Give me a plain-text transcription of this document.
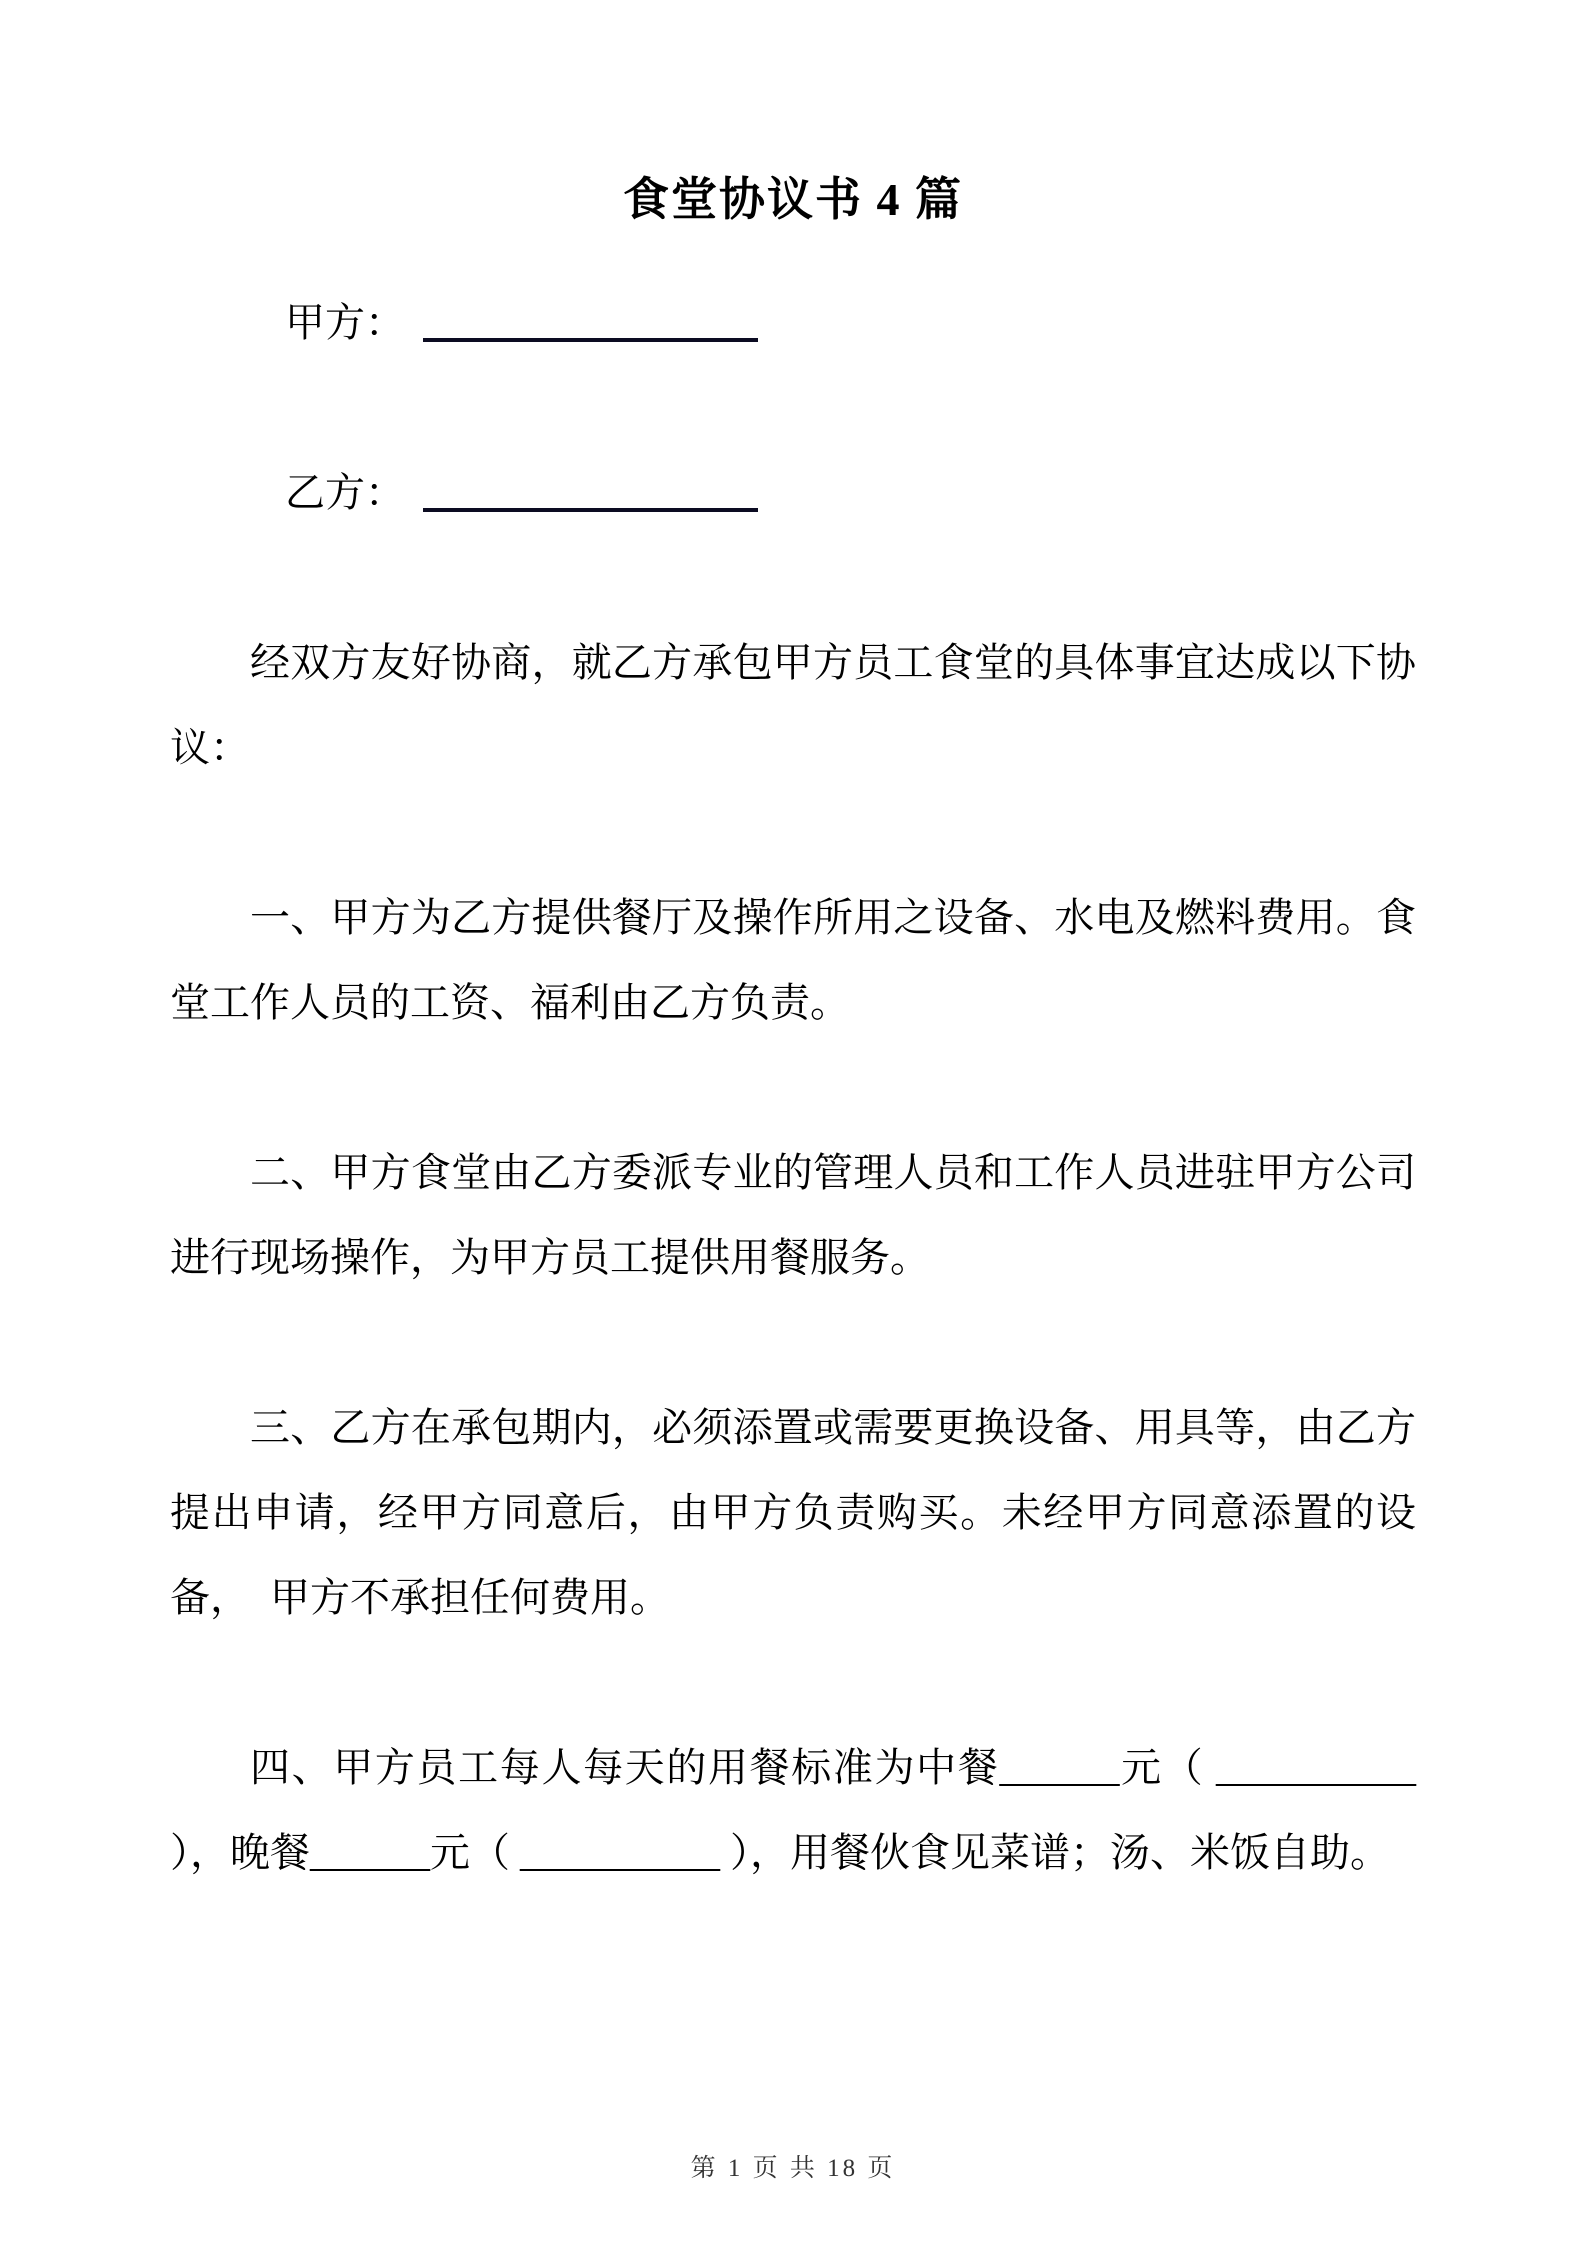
食堂协议书 4 篇
甲方：
乙方：

经双方友好协商，就乙方承包甲方员工食堂的具体事宜达成以下协议：

一、甲方为乙方提供餐厅及操作所用之设备、水电及燃料费用。食堂工作人员的工资、福利由乙方负责。

二、甲方食堂由乙方委派专业的管理人员和工作人员进驻甲方公司进行现场操作，为甲方员工提供用餐服务。

三、乙方在承包期内，必须添置或需要更换设备、用具等，由乙方提出申请，经甲方同意后，由甲方负责购买。未经甲方同意添置的设备，　甲方不承担任何费用。

四、甲方员工每人每天的用餐标准为中餐______元（ __________ ），晚餐______元（ __________ ），用餐伙食见菜谱；汤、米饭自助。

第 1 页 共 18 页
